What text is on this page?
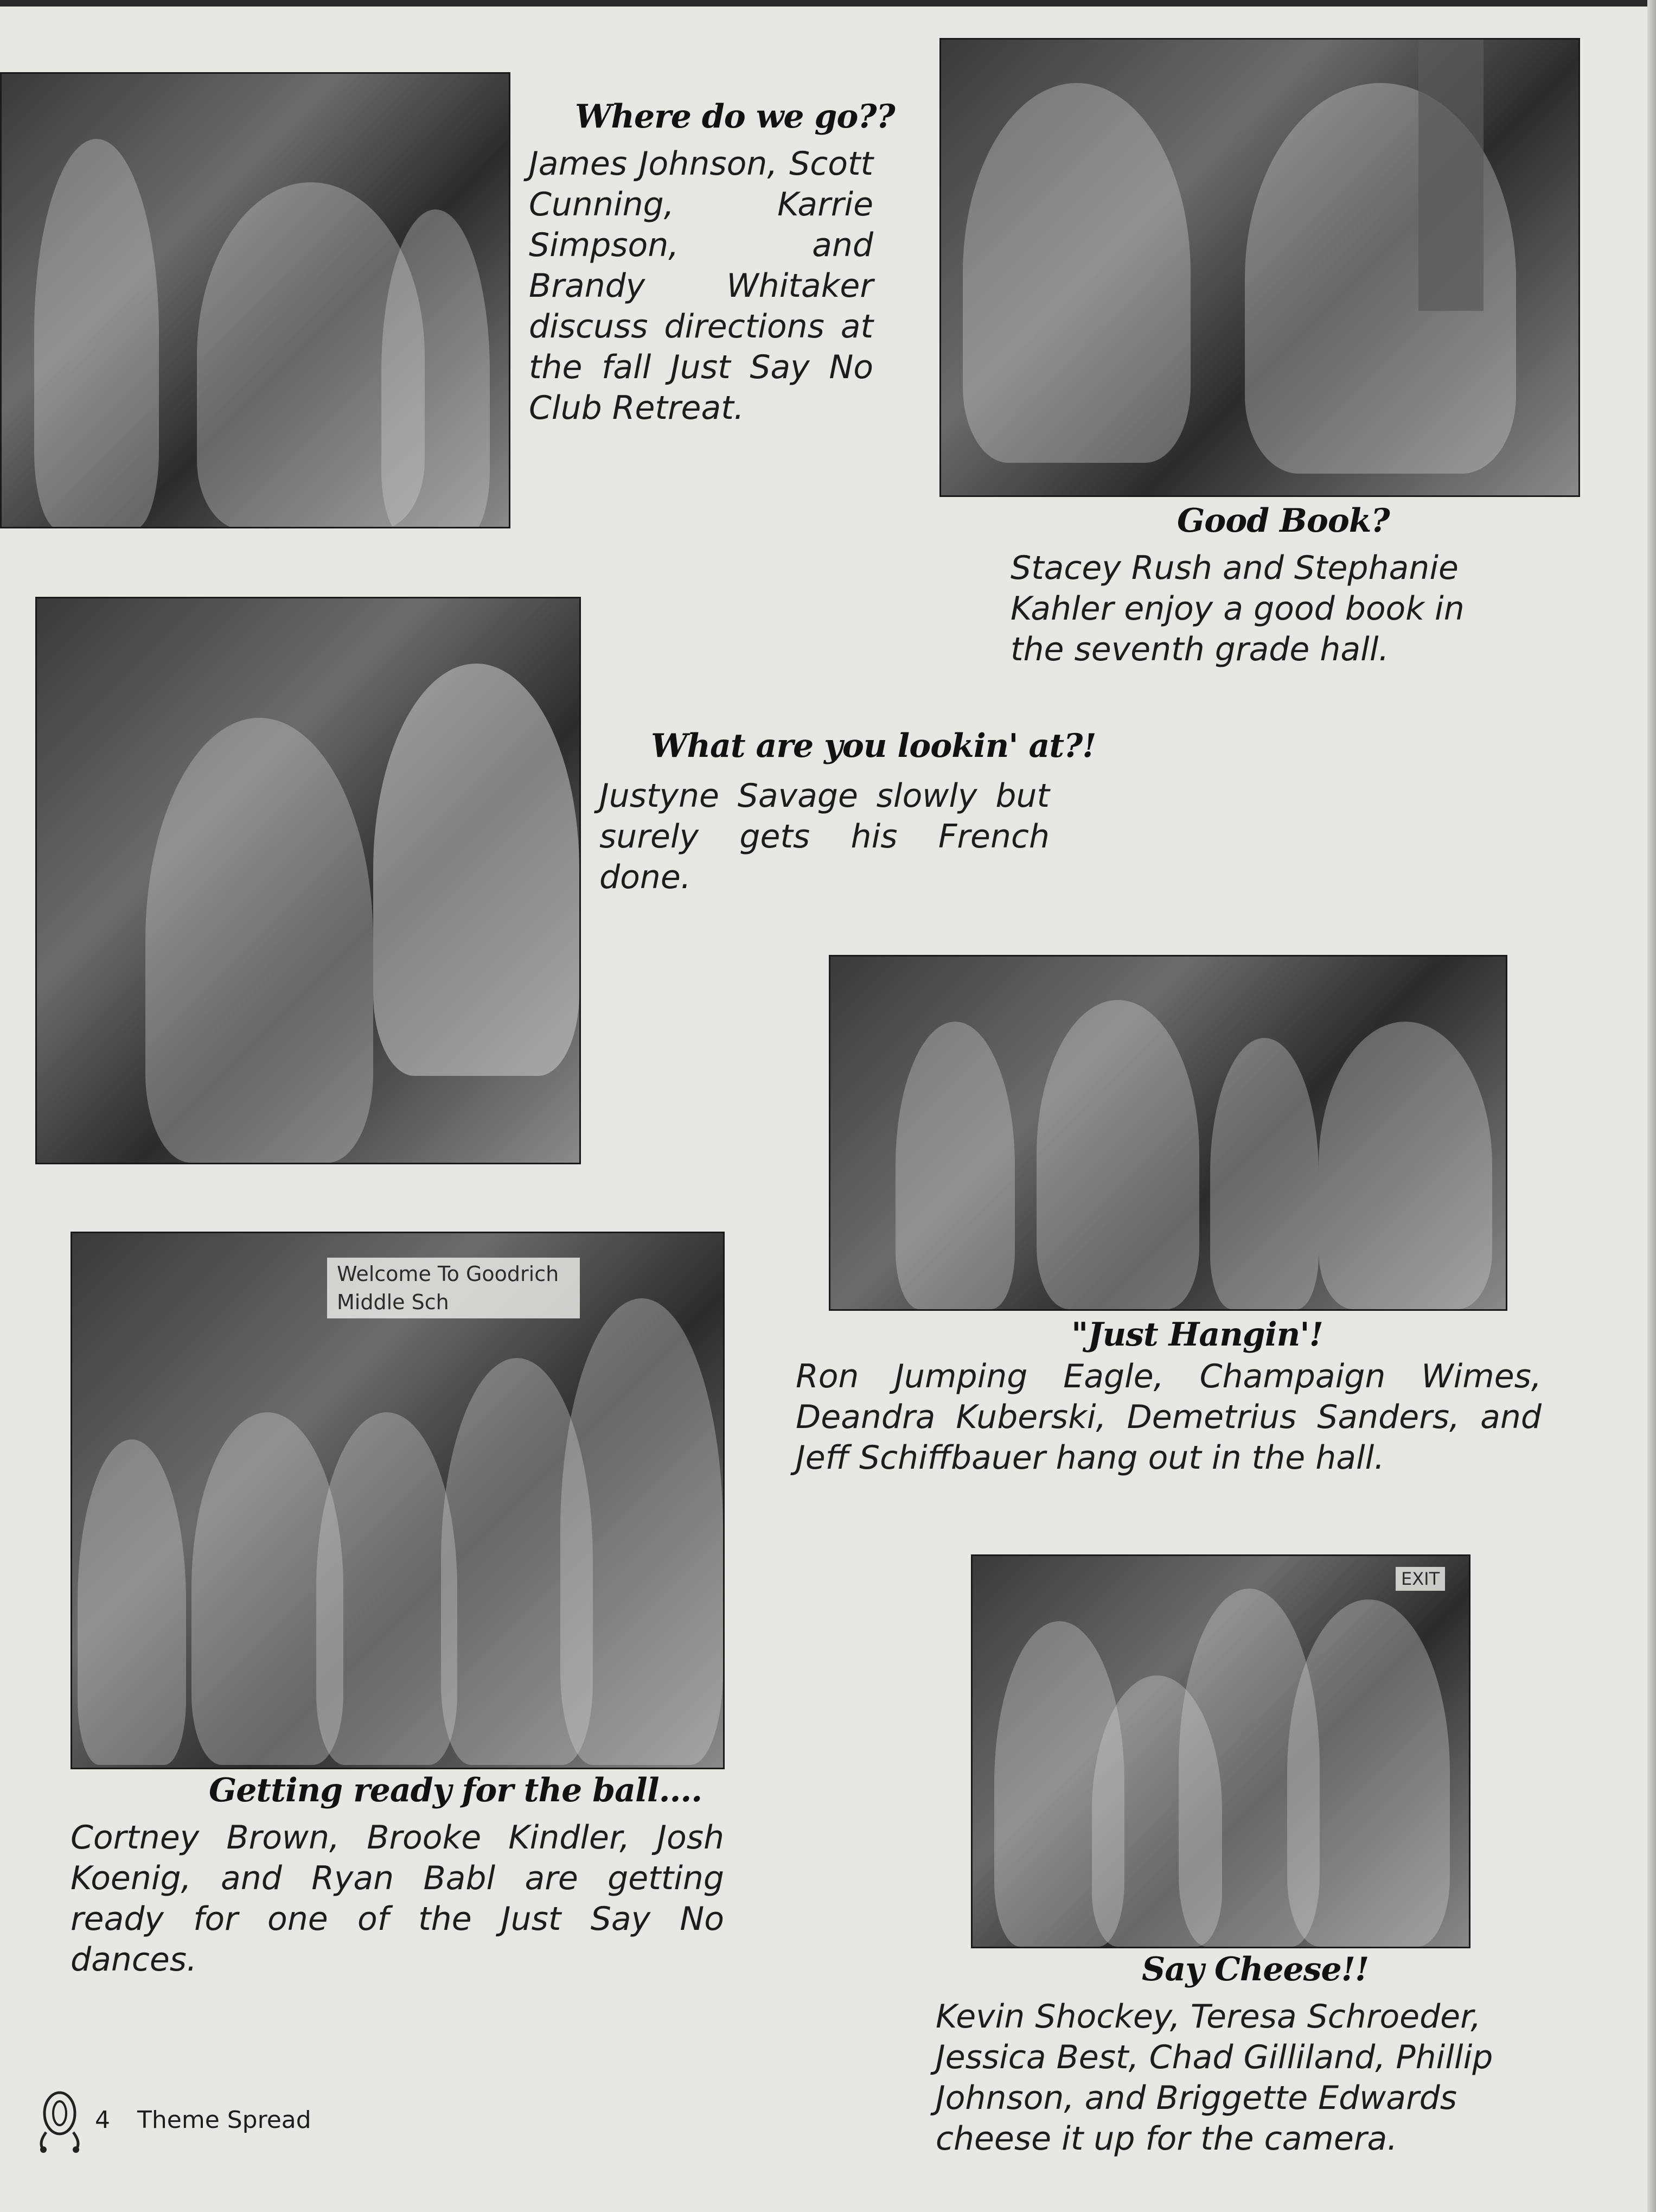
Where do we go??

James Johnson, Scott Cunning, Karrie Simpson, and Brandy Whitaker discuss directions at the fall Just Say No Club Retreat.

Good Book?

Stacey Rush and Stephanie Kahler enjoy a good book in the seventh grade hall.

What are you lookin' at?!

Justyne Savage slowly but surely gets his French done.

"Just Hangin'!

Ron Jumping Eagle, Champaign Wimes, Deandra Kuberski, Demetrius Sanders, and Jeff Schiffbauer hang out in the hall.

Welcome To Goodrich Middle Sch
Getting ready for the ball....

Cortney Brown, Brooke Kindler, Josh Koenig, and Ryan Babl are getting ready for one of the Just Say No dances.

EXIT
Say Cheese!!

Kevin Shockey, Teresa Schroeder, Jessica Best, Chad Gilliland, Phillip Johnson, and Briggette Edwards cheese it up for the camera.

4 Theme Spread
